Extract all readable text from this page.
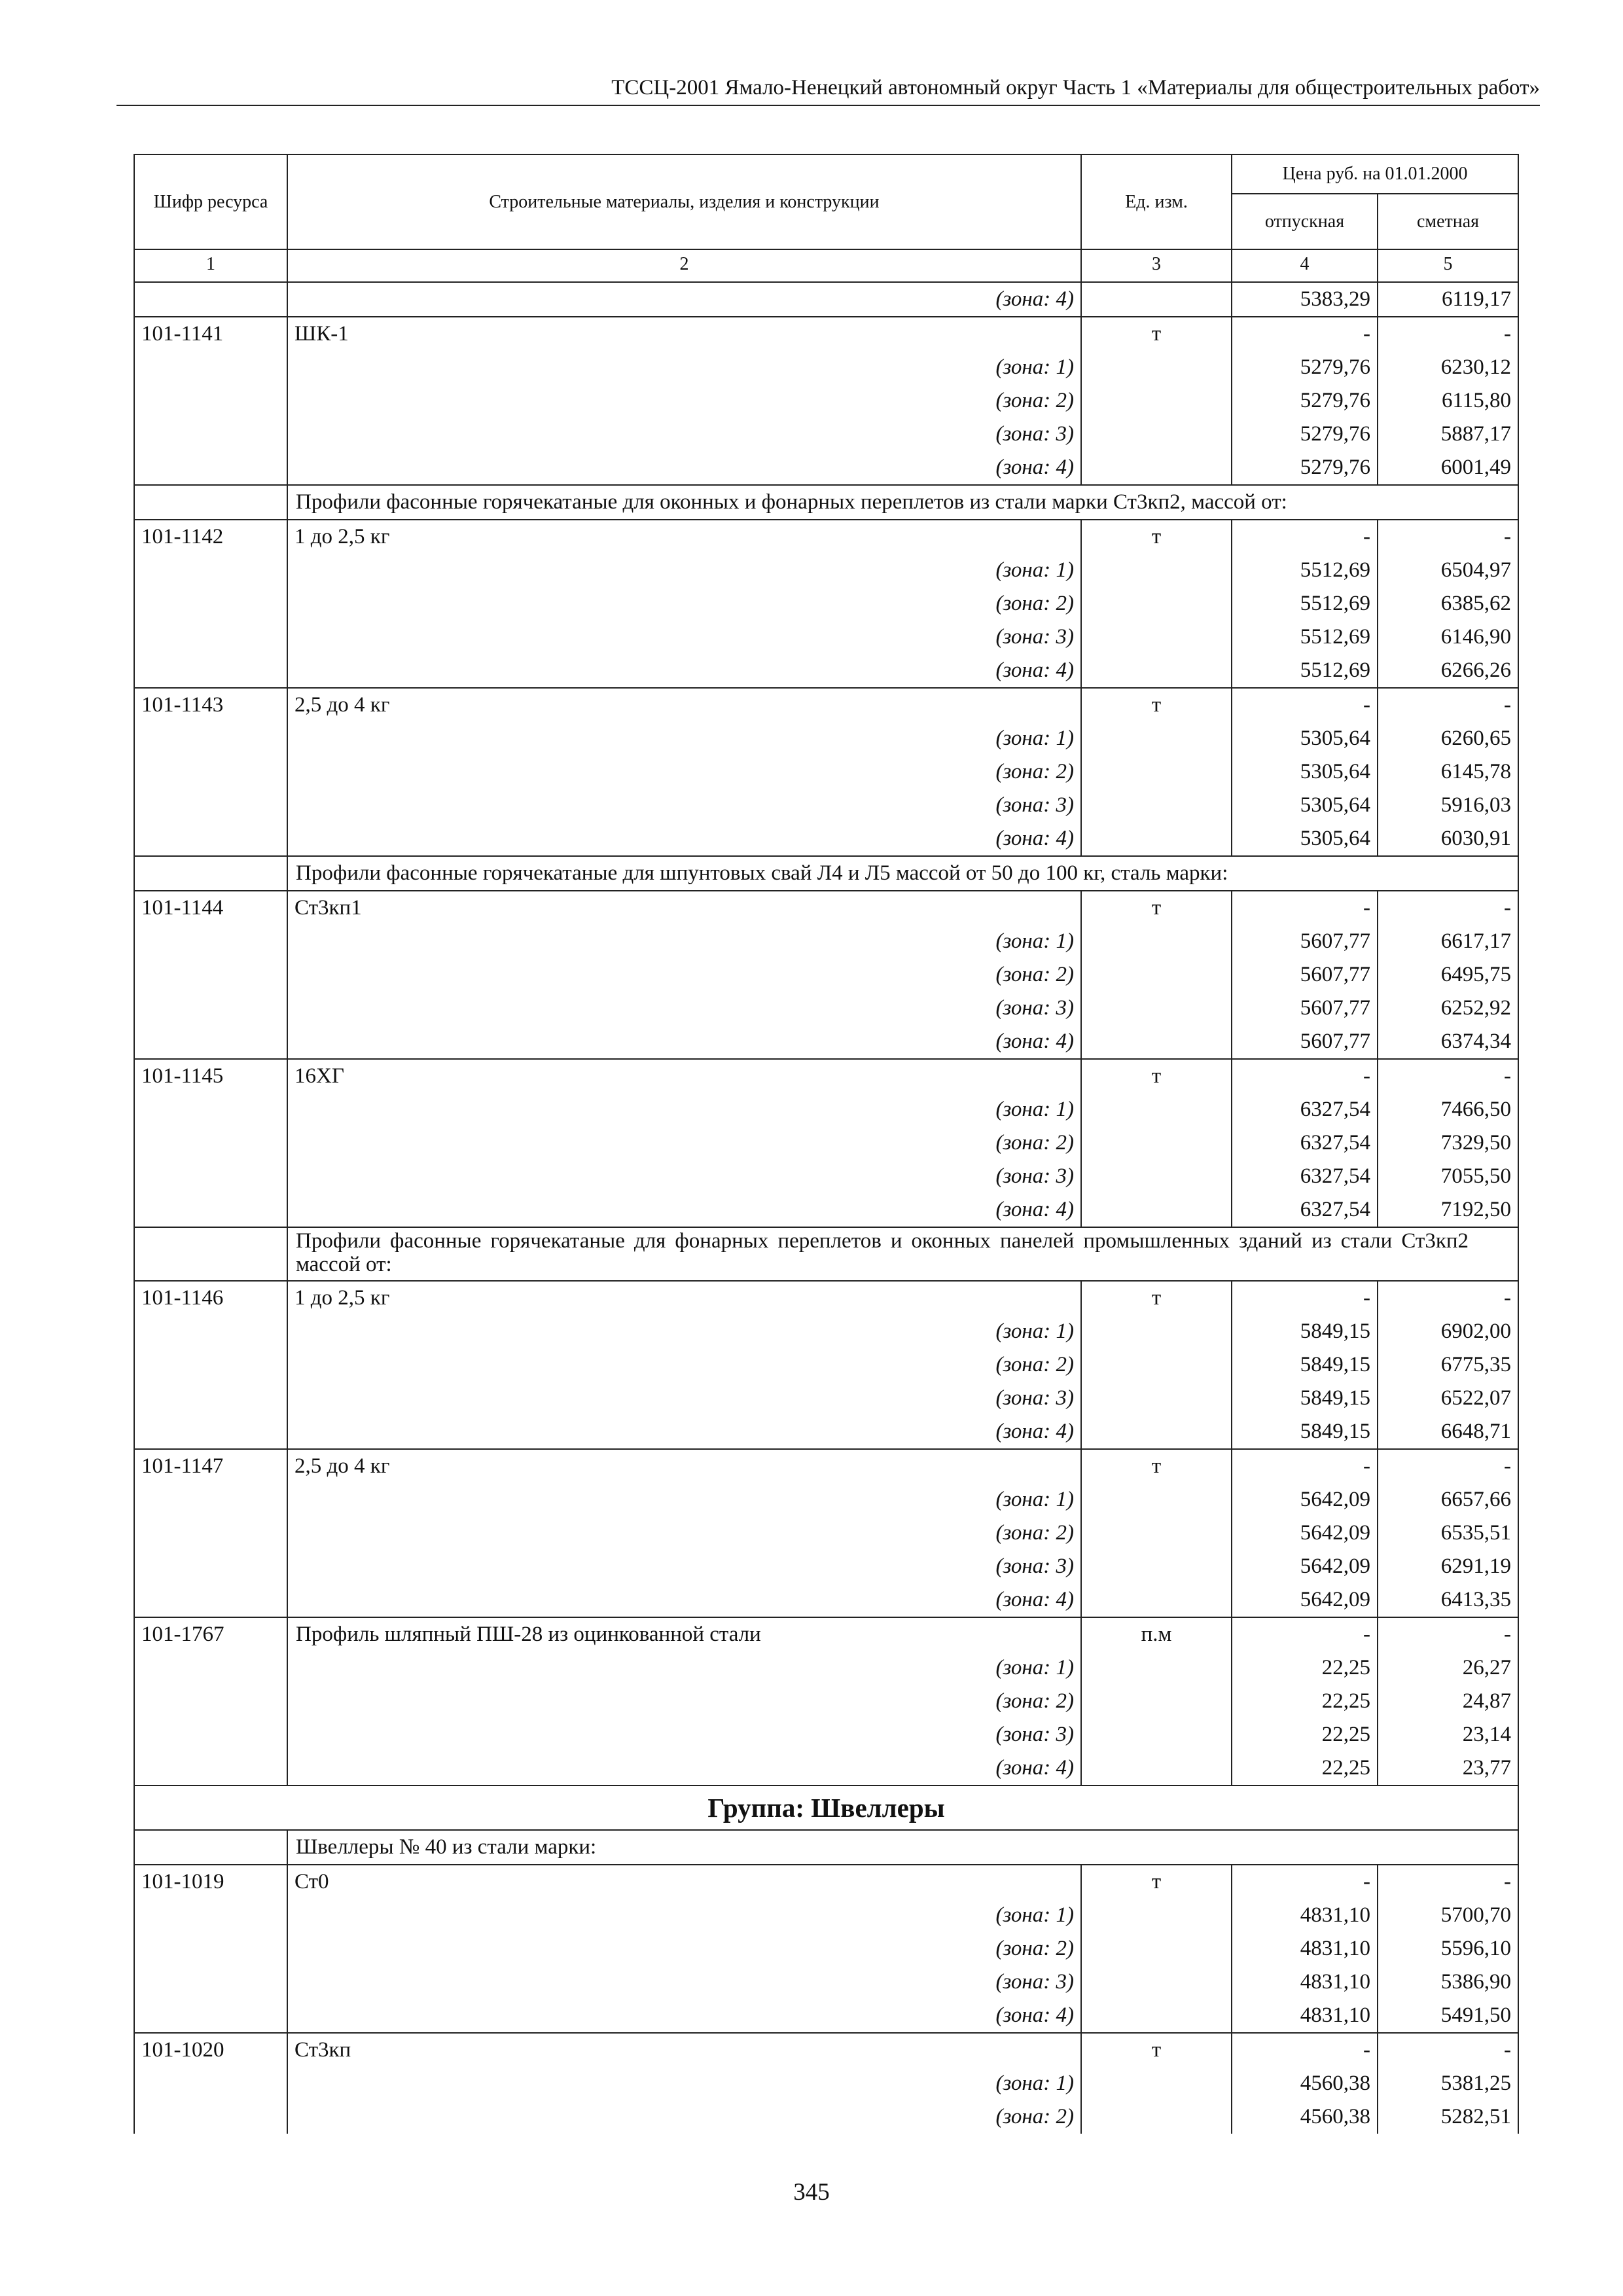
ТССЦ-2001 Ямало-Ненецкий автономный округ Часть 1 «Материалы для общестроительных работ»
Шифр ресурса	Строительные материалы, изделия и конструкции	Ед. изм.	Цена руб. на 01.01.2000	
			отпускная	сметная
1	2	3	4	5
	(зона: 4)		5383,29	6119,17
101-1141	ШК-1	т	-	-
	(зона: 1)		5279,76	6230,12
	(зона: 2)		5279,76	6115,80
	(зона: 3)		5279,76	5887,17
	(зона: 4)		5279,76	6001,49
	Профили фасонные горячекатаные для оконных и фонарных переплетов из стали марки Ст3кп2, массой от:			
101-1142	1 до 2,5 кг	т	-	-
	(зона: 1)		5512,69	6504,97
	(зона: 2)		5512,69	6385,62
	(зона: 3)		5512,69	6146,90
	(зона: 4)		5512,69	6266,26
101-1143	2,5 до 4 кг	т	-	-
	(зона: 1)		5305,64	6260,65
	(зона: 2)		5305,64	6145,78
	(зона: 3)		5305,64	5916,03
	(зона: 4)		5305,64	6030,91
	Профили фасонные горячекатаные для шпунтовых свай Л4 и Л5 массой от 50 до 100 кг, сталь марки:			
101-1144	Ст3кп1	т	-	-
	(зона: 1)		5607,77	6617,17
	(зона: 2)		5607,77	6495,75
	(зона: 3)		5607,77	6252,92
	(зона: 4)		5607,77	6374,34
101-1145	16ХГ	т	-	-
	(зона: 1)		6327,54	7466,50
	(зона: 2)		6327,54	7329,50
	(зона: 3)		6327,54	7055,50
	(зона: 4)		6327,54	7192,50
	Профили фасонные горячекатаные для фонарных переплетов и оконных панелей промышленных зданий из стали Ст3кп2 массой от:			
101-1146	1 до 2,5 кг	т	-	-
	(зона: 1)		5849,15	6902,00
	(зона: 2)		5849,15	6775,35
	(зона: 3)		5849,15	6522,07
	(зона: 4)		5849,15	6648,71
101-1147	2,5 до 4 кг	т	-	-
	(зона: 1)		5642,09	6657,66
	(зона: 2)		5642,09	6535,51
	(зона: 3)		5642,09	6291,19
	(зона: 4)		5642,09	6413,35
101-1767	Профиль шляпный ПШ-28 из оцинкованной стали	п.м	-	-
	(зона: 1)		22,25	26,27
	(зона: 2)		22,25	24,87
	(зона: 3)		22,25	23,14
	(зона: 4)		22,25	23,77
Группа: Швеллеры				
	Швеллеры № 40 из стали марки:			
101-1019	Ст0	т	-	-
	(зона: 1)		4831,10	5700,70
	(зона: 2)		4831,10	5596,10
	(зона: 3)		4831,10	5386,90
	(зона: 4)		4831,10	5491,50
101-1020	Ст3кп	т	-	-
	(зона: 1)		4560,38	5381,25
	(зона: 2)		4560,38	5282,51
345
